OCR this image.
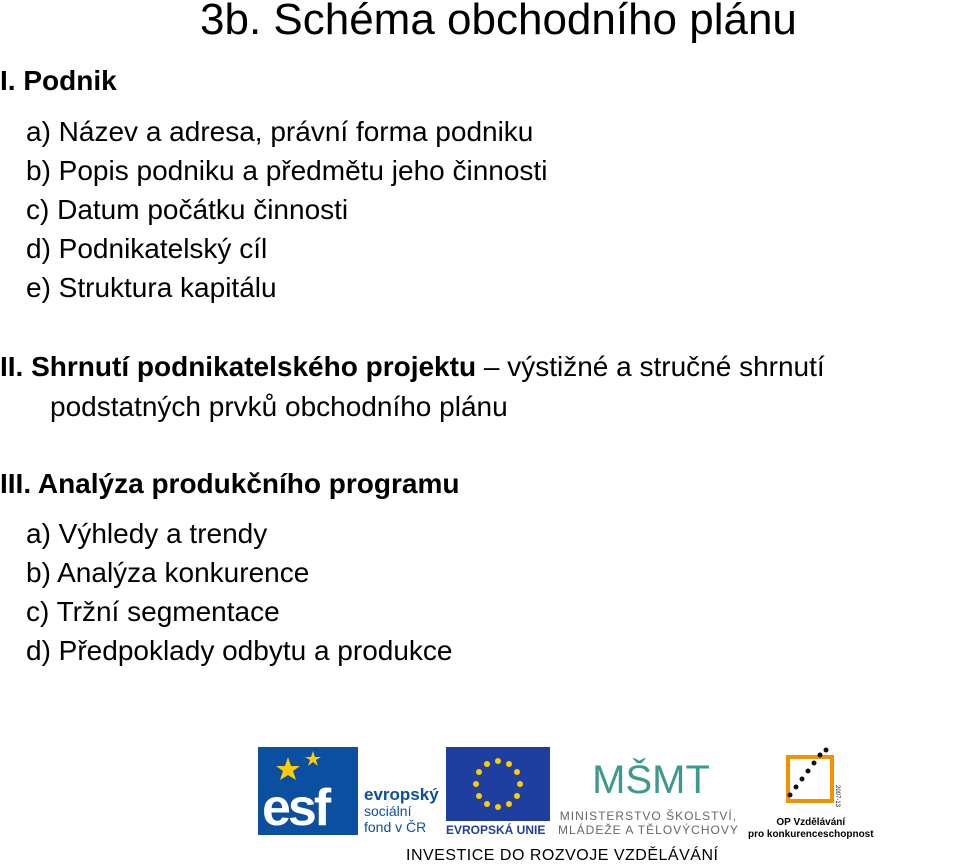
3b. Schéma obchodního plánu
I. Podnik
a) Název a adresa, právní forma podniku
b) Popis podniku a předmětu jeho činnosti
c) Datum počátku činnosti
d) Podnikatelský cíl
e) Struktura kapitálu
II. Shrnutí podnikatelského projektu – výstižné a stručné shrnutí
podstatných prvků obchodního plánu
III. Analýza produkčního programu
a) Výhledy a trendy
b) Analýza konkurence
c) Tržní segmentace
d) Předpoklady odbytu a produkce
esf evropský
sociální
fond v ČR	EVROPSKÁ UNIE
MŠMT
MINISTERSTVO ŠKOLSTVÍ,
MLÁDEŽE A TĚLOVÝCHOVY
2007-13
OP Vzdělávání
pro konkurenceschopnost
INVESTICE DO ROZVOJE VZDĚLÁVÁNÍ
